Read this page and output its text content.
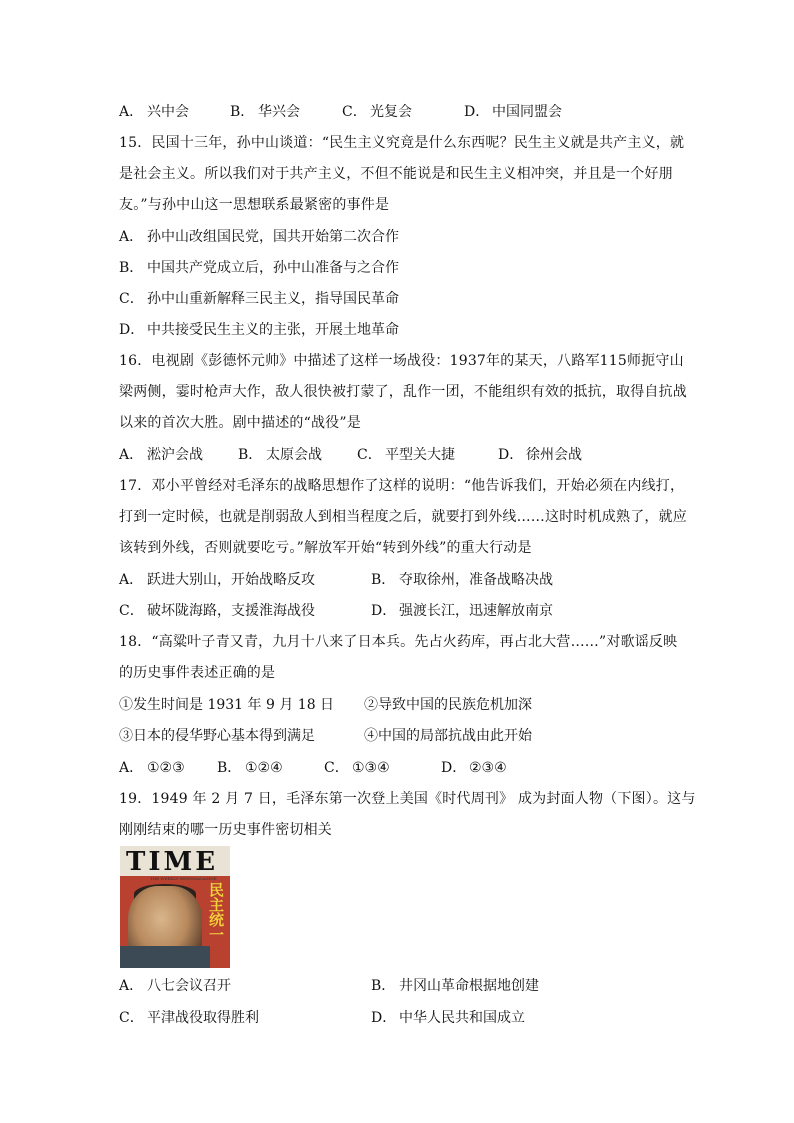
A． 兴中会	B． 华兴会	C． 光复会	D． 中国同盟会
15．民国十三年，孙中山谈道：“民生主义究竟是什么东西呢？民生主义就是共产主义，就
是社会主义。所以我们对于共产主义，不但不能说是和民生主义相冲突，并且是一个好朋
友。”与孙中山这一思想联系最紧密的事件是
A． 孙中山改组国民党，国共开始第二次合作
B． 中国共产党成立后，孙中山准备与之合作
C． 孙中山重新解释三民主义，指导国民革命
D． 中共接受民生主义的主张，开展土地革命
16．电视剧《彭德怀元帅》中描述了这样一场战役：1937年的某天，八路军115师扼守山
梁两侧，霎时枪声大作，敌人很快被打蒙了，乱作一团，不能组织有效的抵抗，取得自抗战
以来的首次大胜。剧中描述的“战役”是
A． 淞沪会战	B． 太原会战	C． 平型关大捷	D． 徐州会战
17．邓小平曾经对毛泽东的战略思想作了这样的说明：“他告诉我们，开始必须在内线打，
打到一定时候，也就是削弱敌人到相当程度之后，就要打到外线……这时时机成熟了，就应
该转到外线，否则就要吃亏。”解放军开始“转到外线”的重大行动是
A． 跃进大别山，开始战略反攻	B． 夺取徐州，准备战略决战
C． 破坏陇海路，支援淮海战役	D． 强渡长江，迅速解放南京
18．“高粱叶子青又青，九月十八来了日本兵。先占火药库，再占北大营……”对歌谣反映
的历史事件表述正确的是
①发生时间是 1931 年 9 月 18 日 ②导致中国的民族危机加深
③日本的侵华野心基本得到满足	④中国的局部抗战由此开始
A． ①②③ B． ①②④	C． ①③④	D． ②③④
19．1949 年 2 月 7 日，毛泽东第一次登上美国《时代周刊》 成为封面人物（下图）。这与
刚刚结束的哪一历史事件密切相关
TIME
THE WEEKLY NEWSMAGAZINE
民主统一
A． 八七会议召开	B． 井冈山革命根据地创建
C． 平津战役取得胜利	D． 中华人民共和国成立
